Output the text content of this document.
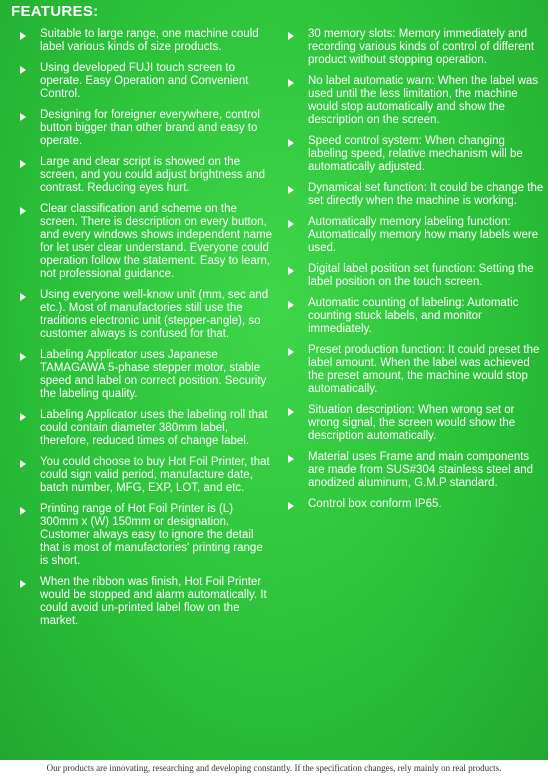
FEATURES:
Suitable to large range, one machine could label various kinds of size products.
Using developed FUJI touch screen to operate. Easy Operation and Convenient Control.
Designing for foreigner everywhere, control button bigger than other brand and easy to operate.
Large and clear script is showed on the screen, and you could adjust brightness and contrast. Reducing eyes hurt.
Clear classification and scheme on the screen. There is description on every button, and every windows shows independent name for let user clear understand. Everyone could operation follow the statement. Easy to learn, not professional guidance.
Using everyone well-know unit (mm, sec and etc.). Most of manufactories still use the traditions electronic unit (stepper-angle), so customer always is confused for that.
Labeling Applicator uses Japanese TAMAGAWA 5-phase stepper motor, stable speed and label on correct position. Security the labeling quality.
Labeling Applicator uses the labeling roll that could contain diameter 380mm label, therefore, reduced times of change label.
You could choose to buy Hot Foil Printer, that could sign valid period, manufacture date, batch number, MFG, EXP, LOT, and etc.
Printing range of Hot Foil Printer is (L) 300mm x (W) 150mm or designation. Customer always easy to ignore the detail that is most of manufactories' printing range is short.
When the ribbon was finish, Hot Foil Printer would be stopped and alarm automatically. It could avoid un-printed label flow on the market.
30 memory slots: Memory immediately and recording various kinds of control of different product without stopping operation.
No label automatic warn: When the label was used until the less limitation, the machine would stop automatically and show the description on the screen.
Speed control system: When changing labeling speed, relative mechanism will be automatically adjusted.
Dynamical set function: It could be change the set directly when the machine is working.
Automatically memory labeling function: Automatically memory how many labels were used.
Digital label position set function: Setting the label position on the touch screen.
Automatic counting of labeling: Automatic counting stuck labels, and monitor immediately.
Preset production function: It could preset the label amount. When the label was achieved the preset amount, the machine would stop automatically.
Situation description: When wrong set or wrong signal, the screen would show the description automatically.
Material uses Frame and main components are made from SUS#304 stainless steel and anodized aluminum, G.M.P standard.
Control box conform IP65.
Our products are innovating, researching and developing constantly. If the specification changes, rely mainly on real products.
